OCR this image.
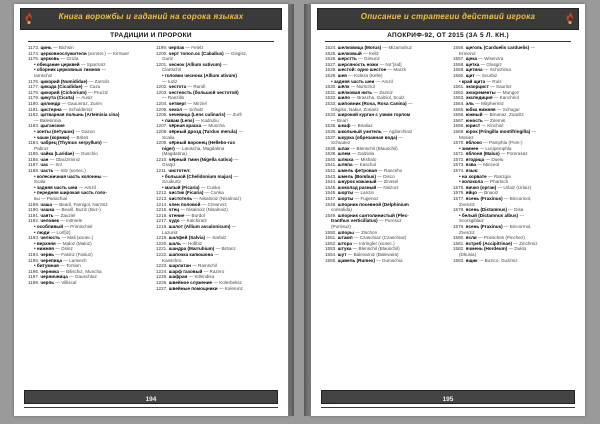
Книга ворожбы и гаданий на сорока языках
ТРАДИЦИИ И ПРОРОКИ
1173. цинь — Bichsin
1174. церковнослужители (коллег.) — Kirrsaer
1175. церковь — Grizia
• обещание церквей — Sparroriz
• сборник церковных гимнов —
Iamschiz
1176. цикорий (Numididae) — Zarrolit
1177. цикада (Cicadidae) — Cazu
1178. цикорий (Cichorium) — Prurziz
1179. цикута (Cicuta) — Ausiz
1180. цилиндр — Gauunraz, Zurim
1181. цистерна — Schulderniz
1182. цитварная полынь (Artemisia cina)
— Balesinnia
1183. цыганские
• зонты (петушок) — Gazun
• чаши (кормки) — Brites
1184. чабрец (Thymus serpyllum) —
Pabruz
1185. чайка (Laridae) — Duschio
1186. чан — Glaciziminiz
1187. час — Srz
1188. часть — Sitz (колес.)
• колесничная часть колонны —
Scala
• задняя часть шеи — Amzil
• передняя широкая часть голо-
вы — Pariachial
1189. чаша — Bearil, Famigol, Narzsiz
1190. чашка — Bearil, Buziz (Buz-)
1191. чаять — Zauziel
1192. человек — Initmele
• особливый — Primischiel
• люди — Lorf[iz]
1193. челюсть — Mali (колес.)
• верхняя — Maloz (Maloz)
• нижняя — Osinz
1194. червь — Fasinz (Fasiuz)
1195. черепица — Lamiech
• битумная — Torsion
1196. черника — Bilischiz, Muncha
1197. черничница — Gauschtaz
1198. черпь — Villiscal
1199. черпак — Felelz
1200. черт топол.ос (Caballus) — Gisgisz,
Guriz
1201. чеснок (Allium sativum) —
Clartschil
• головки чеснока (Allium ativum)
— Iuziz
1202. честота — Raroll
1203. честность (большой честотой)
— Ranzillo
1204. четверг — Mirziel
1205. чехол — Schatz
1206. чечевица (Lens culinaris) — Zurll
• лавам (Lens) — Kadrubu
1207. чёрная краска — Muncha
1208. чёрный дрозд (Turdus merula) —
Scalia
1209. чёрный воронец (Hellebo-rus
niger) — Lanischa, Magdalma
(Magdatma)
1210. чёрный тмин (Nigella sativa) —
Grarjiz
1211. чистотел:
• большой (Chelidonium majus) —
Scuikurtz
• малый (Ficaria) — Cunka
1212. чистик (Ficaria) — Cunka
1213. чистотель — Nisalnoiz (Nisalnoiz)
1214. член половой — Crewnniz
1215. чтец — Nisalnoiz (Nisalnoiz)
1216. чтение — Burdol
1217. чудо — Kalchiratz
1218. шалот (Allium ascalonicum) —
Lazuniz
1219. шалфей (Salvia) — Sarlaiz
1220. шаль — Hoflbiz
1221. шандра (Marrubium) — Birtanz
1222. шапочка капюшона —
Kanschro
1223. шарлатан — Ramschil
1224. шарф газовый — Razirro
1225. шафран — Killrindisa
1226. швейное служение — Kolerbeksz
1227. швейные помощники — Kolerunz
194
Описание и стратегии действий игрока
АПОКРИФ-92, ОТ 2015 (ЗА 5 Л. КН.)
1524. шелковица (Morus) — Mizamahuz
1525. шелковый — Kellz
1526. шерстть — Gimunz
1527. шерсяность ножи — No°[sid]
1528. шестой: одно шестое — Marzk
1529. шея — Koleza (Kelle)
• задняя часть шеи — Amzil
1530. шёлк — Nurschol
1531. шёлковая нить — Zazniz
1532. шило — Brascha, Galziol, Sculz
1533. шиповник (Rosa, Rosa Canina) —
Glsgiso, Nakur, Zoriariz
1534. широкий курган с узким горлом
— Bnarl
1535. шкаф — Bnaliaz
1536. школьный учитель — Agilarchiniz
1537. шкурка (обрезанная вода) —
Schuutez
1538. шлак — Blenschil (Blauschil)
1539. шлем — Galziola
1540. шлюха — Mishalo
1541. шляпа — Kaschul
1542. шмель фетровая — Rancsho
1543. шмель (Bombus) — Disco
1544. шнурок кожаный — Zinssel
1545. шоколад разный — Niszurz
1546. шорты — Lanzin
1547. шорты — Fugenoz
1548. шпорник посевной (Delphinium
consolida)
1549. шпорник сантолинистый (Plec-
tranthus verticillatus) — Purrisuz
(Purrisuz)
1550. шпоры — Zischon
1551. штамп — Czaschiaz (Czaschiaz)
1552. штора — Intringler (колес.)
1553. штука — Blenschil (Blauschil)
1554. шут — Balevarniz (Balevaira)
1555. щавель (Rumex) — Dumschia
1556. щеголь (Carduelis carduelis) —
Ermeniz
1557. щека — Wisenzra
1558. щетка — Glasgiz
1559. щетина — Schirziima
1560. щит — Scurbiz
• край щита — Rulz
1561. экзорцист — Saurinz
1562. экскременты — Mungez
1563. экспедиция — Kanchriol
1564. эль — Mirphermiz
1565. юбка нижняя — Schugur
1566. южный — Bmanaz, Zoazitz
1567. юность — Ziremis
1568. юрист — Kinchiol
1569. юрок (Fringilla montifringilla) —
Mosiez
1570. яблоко — Pamphla (Pom-)
• зимнее — Lucipemphla
1571. яблоня (Malus) — Pomrasaz
1572. ягодица — Duelu
1573. язва — Minceol
1574. язык:
• на хорвате — Ranzgia
• колокола — Phartsch
1575. яичко (орган) — Urlaiz (Urlaiz)
1576. яйцо — Bnaoiz
1577. ясень (Fraxinus) — Bincorinol,
Zvenziz
1578. ясень (Dictamnus) — Disa
• белый (Dictamnus albus) —
Scorsgiblaiz
1579. ясень (Fraxinus) — Bincormol,
Zvenziz
1580. ясли — Pnesches (Pinchez)
1581. ястреб (Accipitrinae) — Zinchmiz
1582. ячмень (Hordeum) — Dukla
(Dkusia)
1583. ящик — Buzico, Guzimiz
195
